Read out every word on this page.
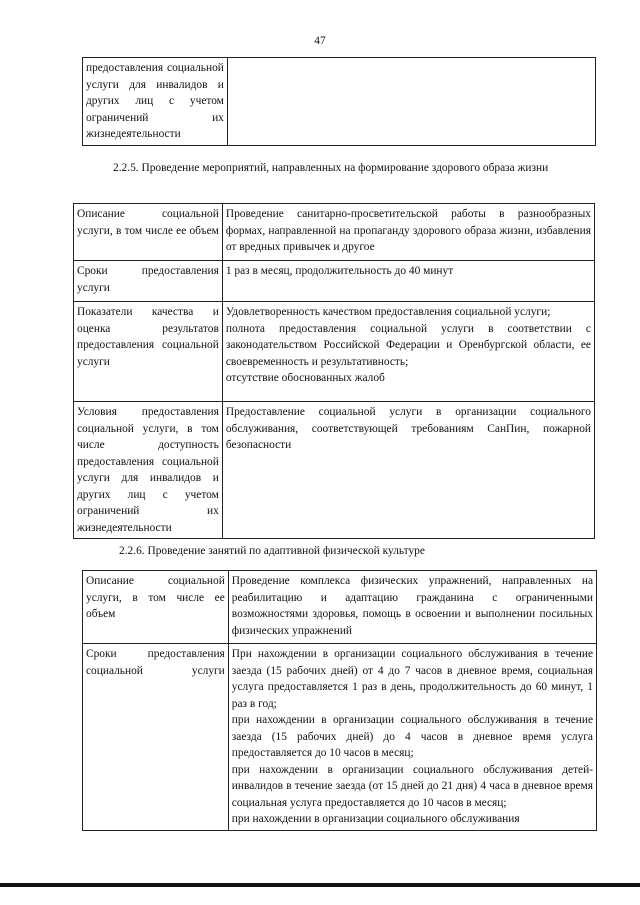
47
предоставления социальной услуги для инвалидов и других лиц с учетом ограничений их жизнедеятельности

2.2.5. Проведение мероприятий, направленных на формирование здорового образа жизни
Описание социальной услуги, в том числе ее объем	Проведение санитарно-просветительской работы в разнообразных формах, направленной на пропаганду здорового образа жизни, избавления от вредных привычек и другое

Сроки предоставления услуги	1 раз в месяц, продолжительность до 40 минут

Показатели качества и оценка результатов предоставления социальной услуги	Удовлетворенность качеством предоставления социальной услуги;
полнота предоставления социальной услуги в соответствии с законодательством Российской Федерации и Оренбургской области, ее своевременность и результативность;
отсутствие обоснованных жалоб

Условия предоставления социальной услуги, в том числе доступность предоставления социальной услуги для инвалидов и других лиц с учетом ограничений их жизнедеятельности	Предоставление социальной услуги в организации социального обслуживания, соответствующей требованиям СанПин, пожарной безопасности
2.2.6. Проведение занятий по адаптивной физической культуре
Описание социальной услуги, в том числе ее объем	Проведение комплекса физических упражнений, направленных на реабилитацию и адаптацию гражданина с ограниченными возможностями здоровья, помощь в освоении и выполнении посильных физических упражнений

Сроки предоставления социальной услуги	При нахождении в организации социального обслуживания в течение заезда (15 рабочих дней) от 4 до 7 часов в дневное время, социальная услуга предоставляется 1 раз в день, продолжительность до 60 минут, 1 раз в год;
при нахождении в организации социального обслуживания в течение заезда (15 рабочих дней) до 4 часов в дневное время услуга предоставляется до 10 часов в месяц;
при нахождении в организации социального обслуживания детей-инвалидов в течение заезда (от 15 дней до 21 дня) 4 часа в дневное время социальная услуга предоставляется до 10 часов в месяц;
при нахождении в организации социального обслуживания
